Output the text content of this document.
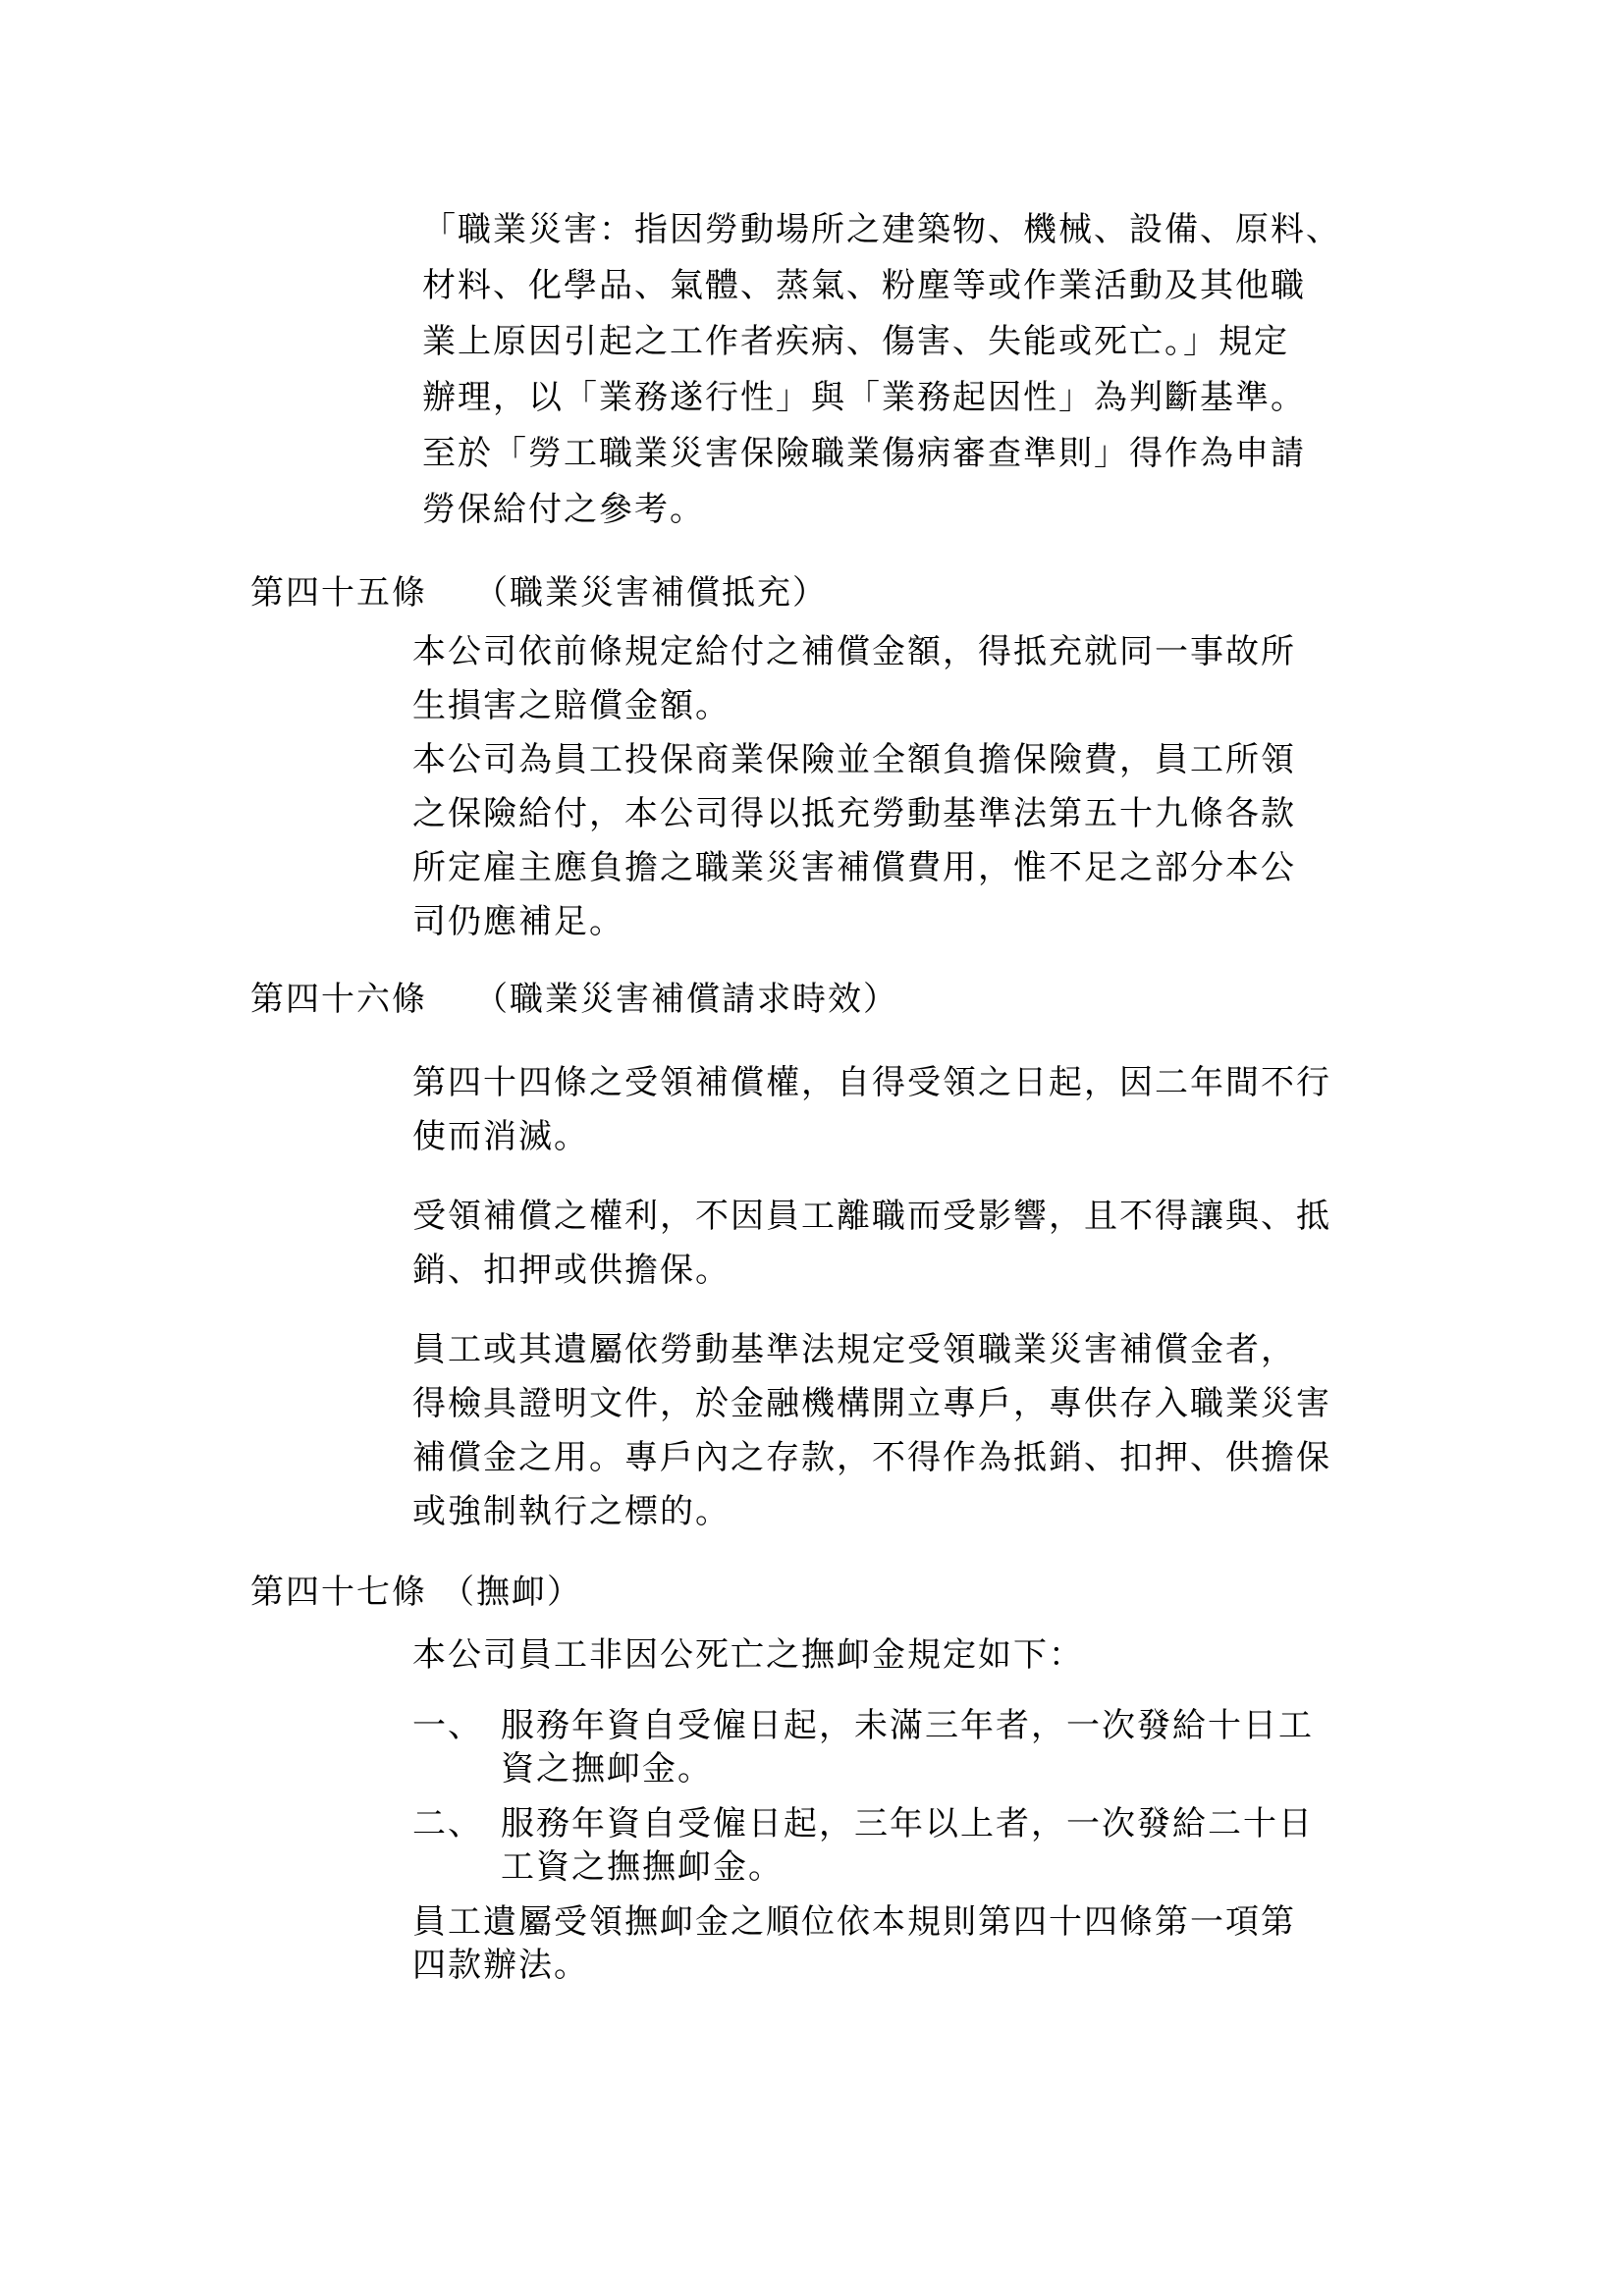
「職業災害：指因勞動場所之建築物、機械、設備、原料、
材料、化學品、氣體、蒸氣、粉塵等或作業活動及其他職
業上原因引起之工作者疾病、傷害、失能或死亡。」規定
辦理，以「業務遂行性」與「業務起因性」為判斷基準。
至於「勞工職業災害保險職業傷病審查準則」得作為申請
勞保給付之參考。
第四十五條 （職業災害補償抵充）
本公司依前條規定給付之補償金額，得抵充就同一事故所
生損害之賠償金額。
本公司為員工投保商業保險並全額負擔保險費，員工所領
之保險給付，本公司得以抵充勞動基準法第五十九條各款
所定雇主應負擔之職業災害補償費用，惟不足之部分本公
司仍應補足。
第四十六條 （職業災害補償請求時效）
第四十四條之受領補償權，自得受領之日起，因二年間不行
使而消滅。
受領補償之權利，不因員工離職而受影響，且不得讓與、抵
銷、扣押或供擔保。
員工或其遺屬依勞動基準法規定受領職業災害補償金者，
得檢具證明文件，於金融機構開立專戶，專供存入職業災害
補償金之用。專戶內之存款，不得作為抵銷、扣押、供擔保
或強制執行之標的。
第四十七條 （撫卹）
本公司員工非因公死亡之撫卹金規定如下：
一、 服務年資自受僱日起，未滿三年者，一次發給十日工
資之撫卹金。
二、 服務年資自受僱日起，三年以上者，一次發給二十日
工資之撫撫卹金。
員工遺屬受領撫卹金之順位依本規則第四十四條第一項第
四款辦法。
